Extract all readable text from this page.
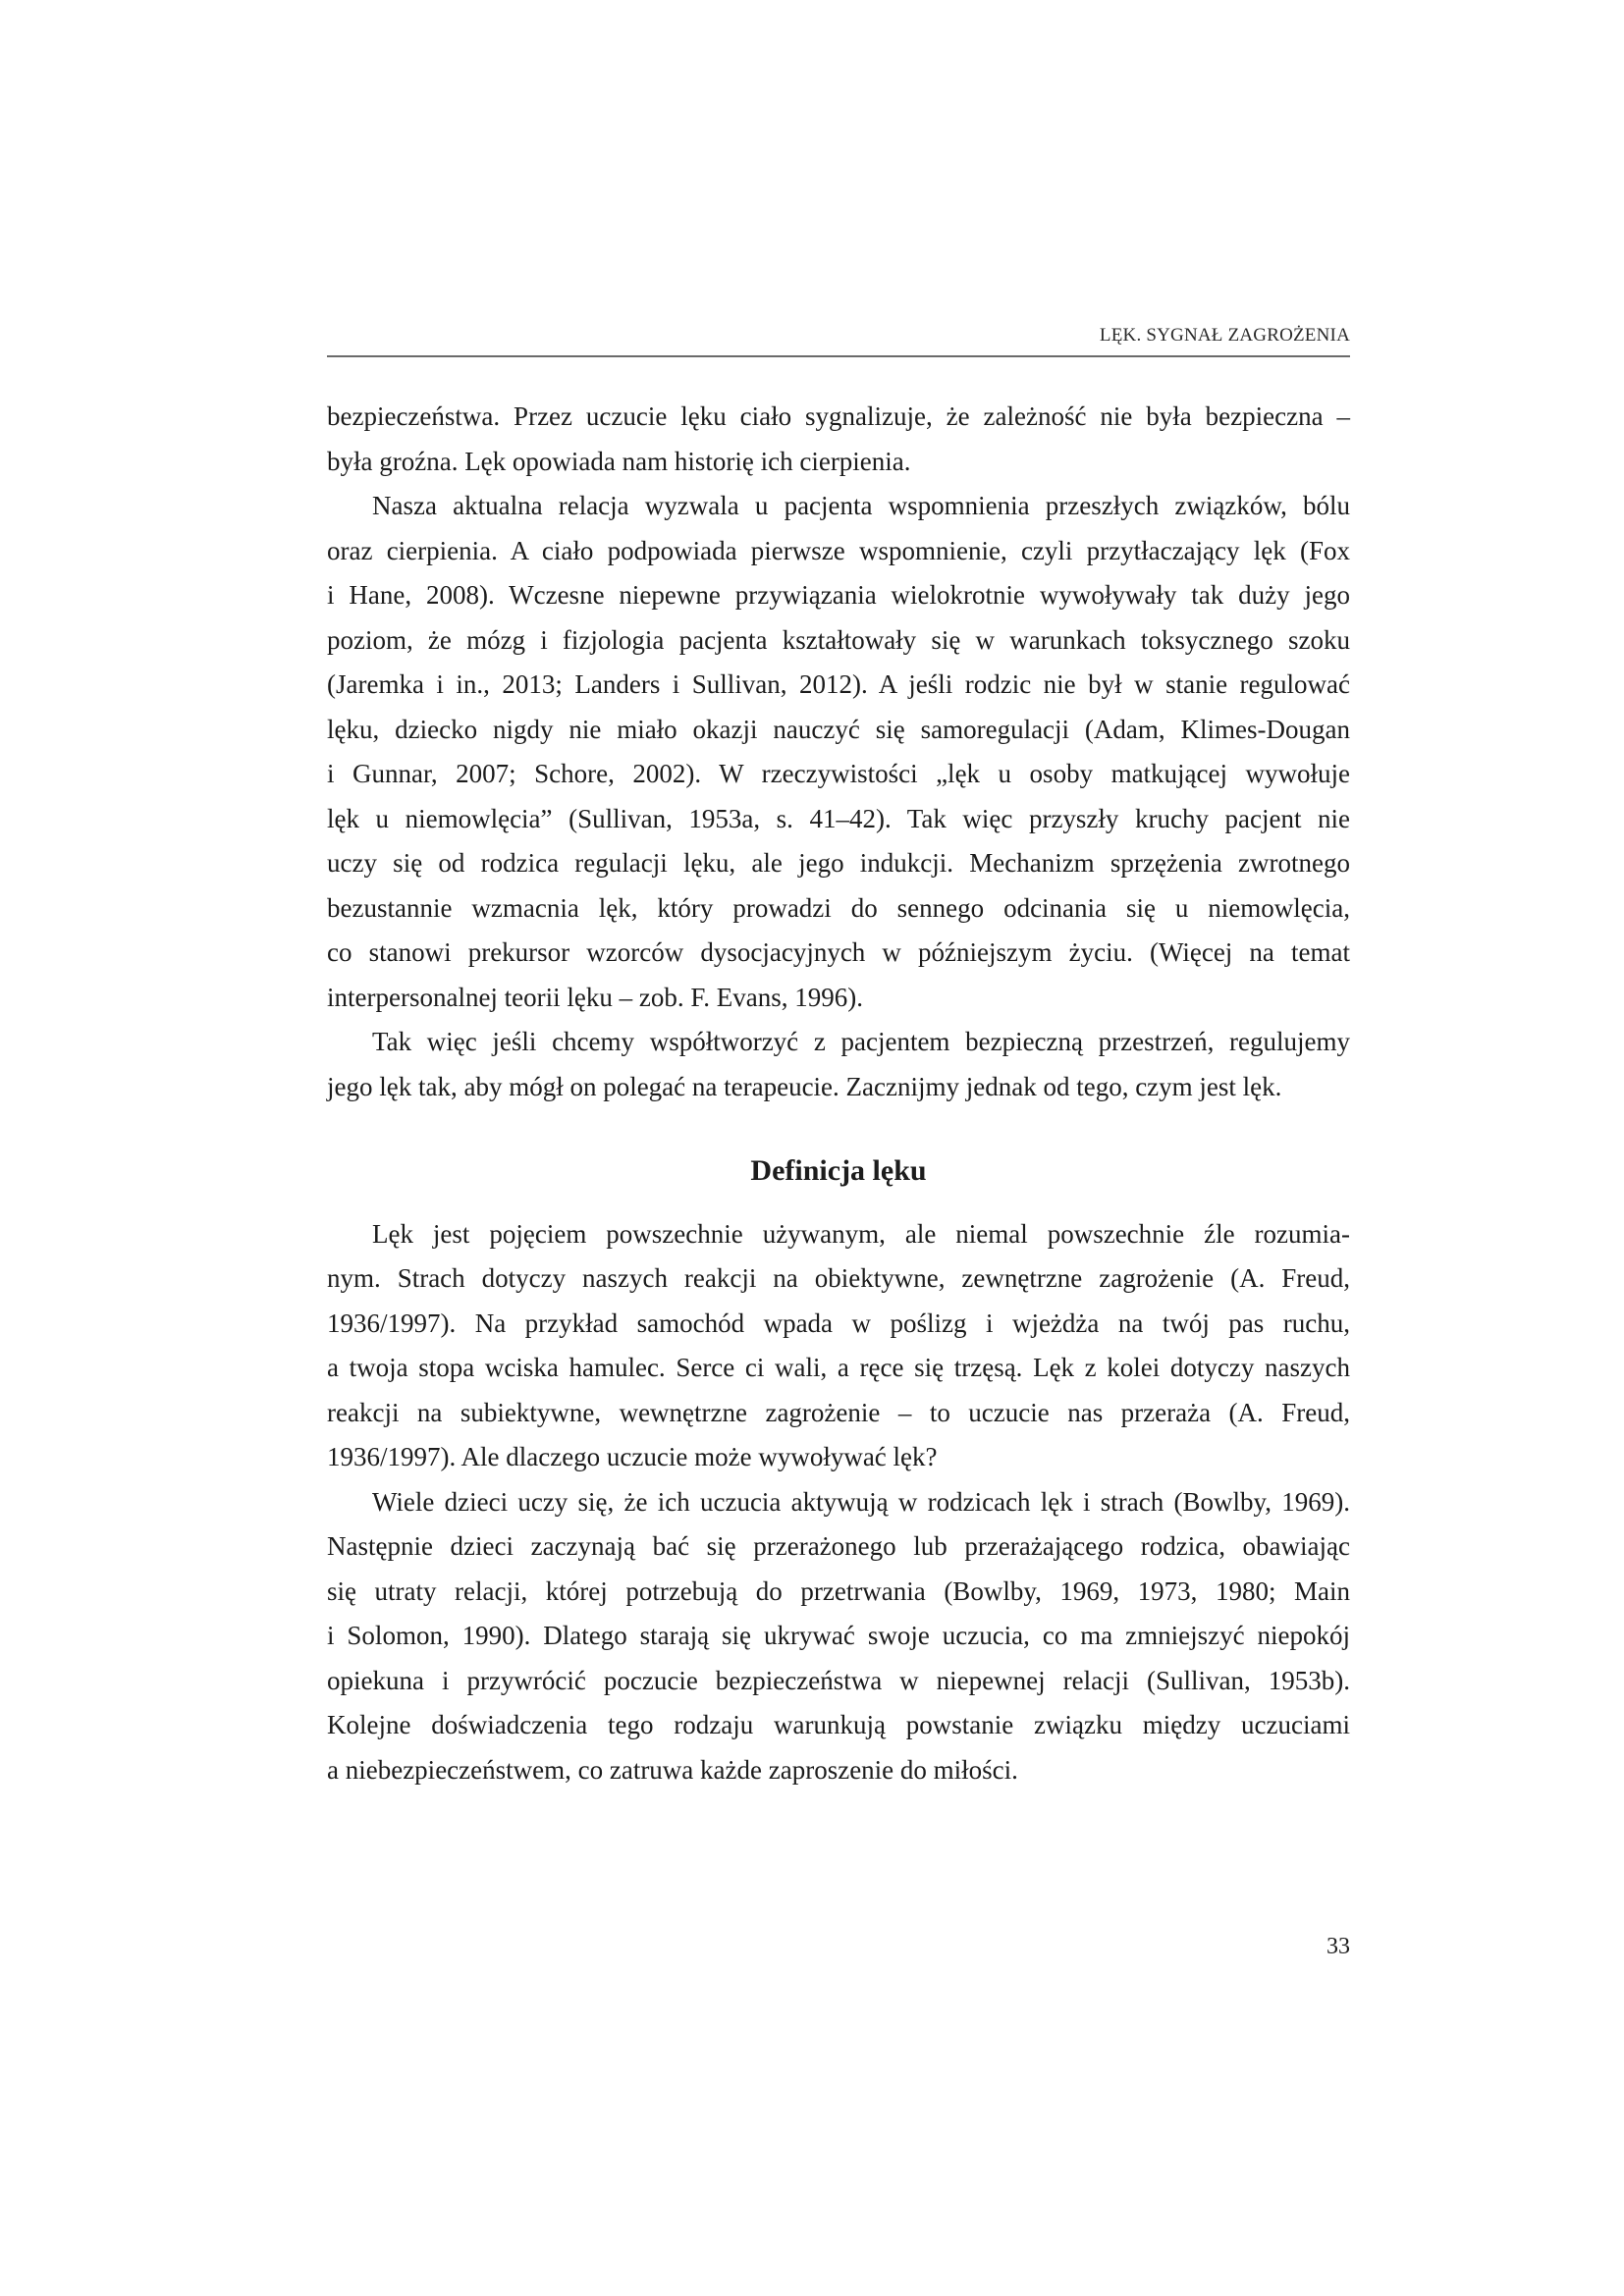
LĘK. SYGNAŁ ZAGROŻENIA
bezpieczeństwa. Przez uczucie lęku ciało sygnalizuje, że zależność nie była bezpieczna –
była groźna. Lęk opowiada nam historię ich cierpienia.
Nasza aktualna relacja wyzwala u pacjenta wspomnienia przeszłych związków, bólu
oraz cierpienia. A ciało podpowiada pierwsze wspomnienie, czyli przytłaczający lęk (Fox
i Hane, 2008). Wczesne niepewne przywiązania wielokrotnie wywoływały tak duży jego
poziom, że mózg i fizjologia pacjenta kształtowały się w warunkach toksycznego szoku
(Jaremka i in., 2013; Landers i Sullivan, 2012). A jeśli rodzic nie był w stanie regulować
lęku, dziecko nigdy nie miało okazji nauczyć się samoregulacji (Adam, Klimes-Dougan
i Gunnar, 2007; Schore, 2002). W rzeczywistości „lęk u osoby matkującej wywołuje
lęk u niemowlęcia” (Sullivan, 1953a, s. 41–42). Tak więc przyszły kruchy pacjent nie
uczy się od rodzica regulacji lęku, ale jego indukcji. Mechanizm sprzężenia zwrotnego
bezustannie wzmacnia lęk, który prowadzi do sennego odcinania się u niemowlęcia,
co stanowi prekursor wzorców dysocjacyjnych w późniejszym życiu. (Więcej na temat
interpersonalnej teorii lęku – zob. F. Evans, 1996).
Tak więc jeśli chcemy współtworzyć z pacjentem bezpieczną przestrzeń, regulujemy
jego lęk tak, aby mógł on polegać na terapeucie. Zacznijmy jednak od tego, czym jest lęk.
Definicja lęku
Lęk jest pojęciem powszechnie używanym, ale niemal powszechnie źle rozumia-
nym. Strach dotyczy naszych reakcji na obiektywne, zewnętrzne zagrożenie (A. Freud,
1936/1997). Na przykład samochód wpada w poślizg i wjeżdża na twój pas ruchu,
a twoja stopa wciska hamulec. Serce ci wali, a ręce się trzęsą. Lęk z kolei dotyczy naszych
reakcji na subiektywne, wewnętrzne zagrożenie – to uczucie nas przeraża (A. Freud,
1936/1997). Ale dlaczego uczucie może wywoływać lęk?
Wiele dzieci uczy się, że ich uczucia aktywują w rodzicach lęk i strach (Bowlby, 1969).
Następnie dzieci zaczynają bać się przerażonego lub przerażającego rodzica, obawiając
się utraty relacji, której potrzebują do przetrwania (Bowlby, 1969, 1973, 1980; Main
i Solomon, 1990). Dlatego starają się ukrywać swoje uczucia, co ma zmniejszyć niepokój
opiekuna i przywrócić poczucie bezpieczeństwa w niepewnej relacji (Sullivan, 1953b).
Kolejne doświadczenia tego rodzaju warunkują powstanie związku między uczuciami
a niebezpieczeństwem, co zatruwa każde zaproszenie do miłości.
33
